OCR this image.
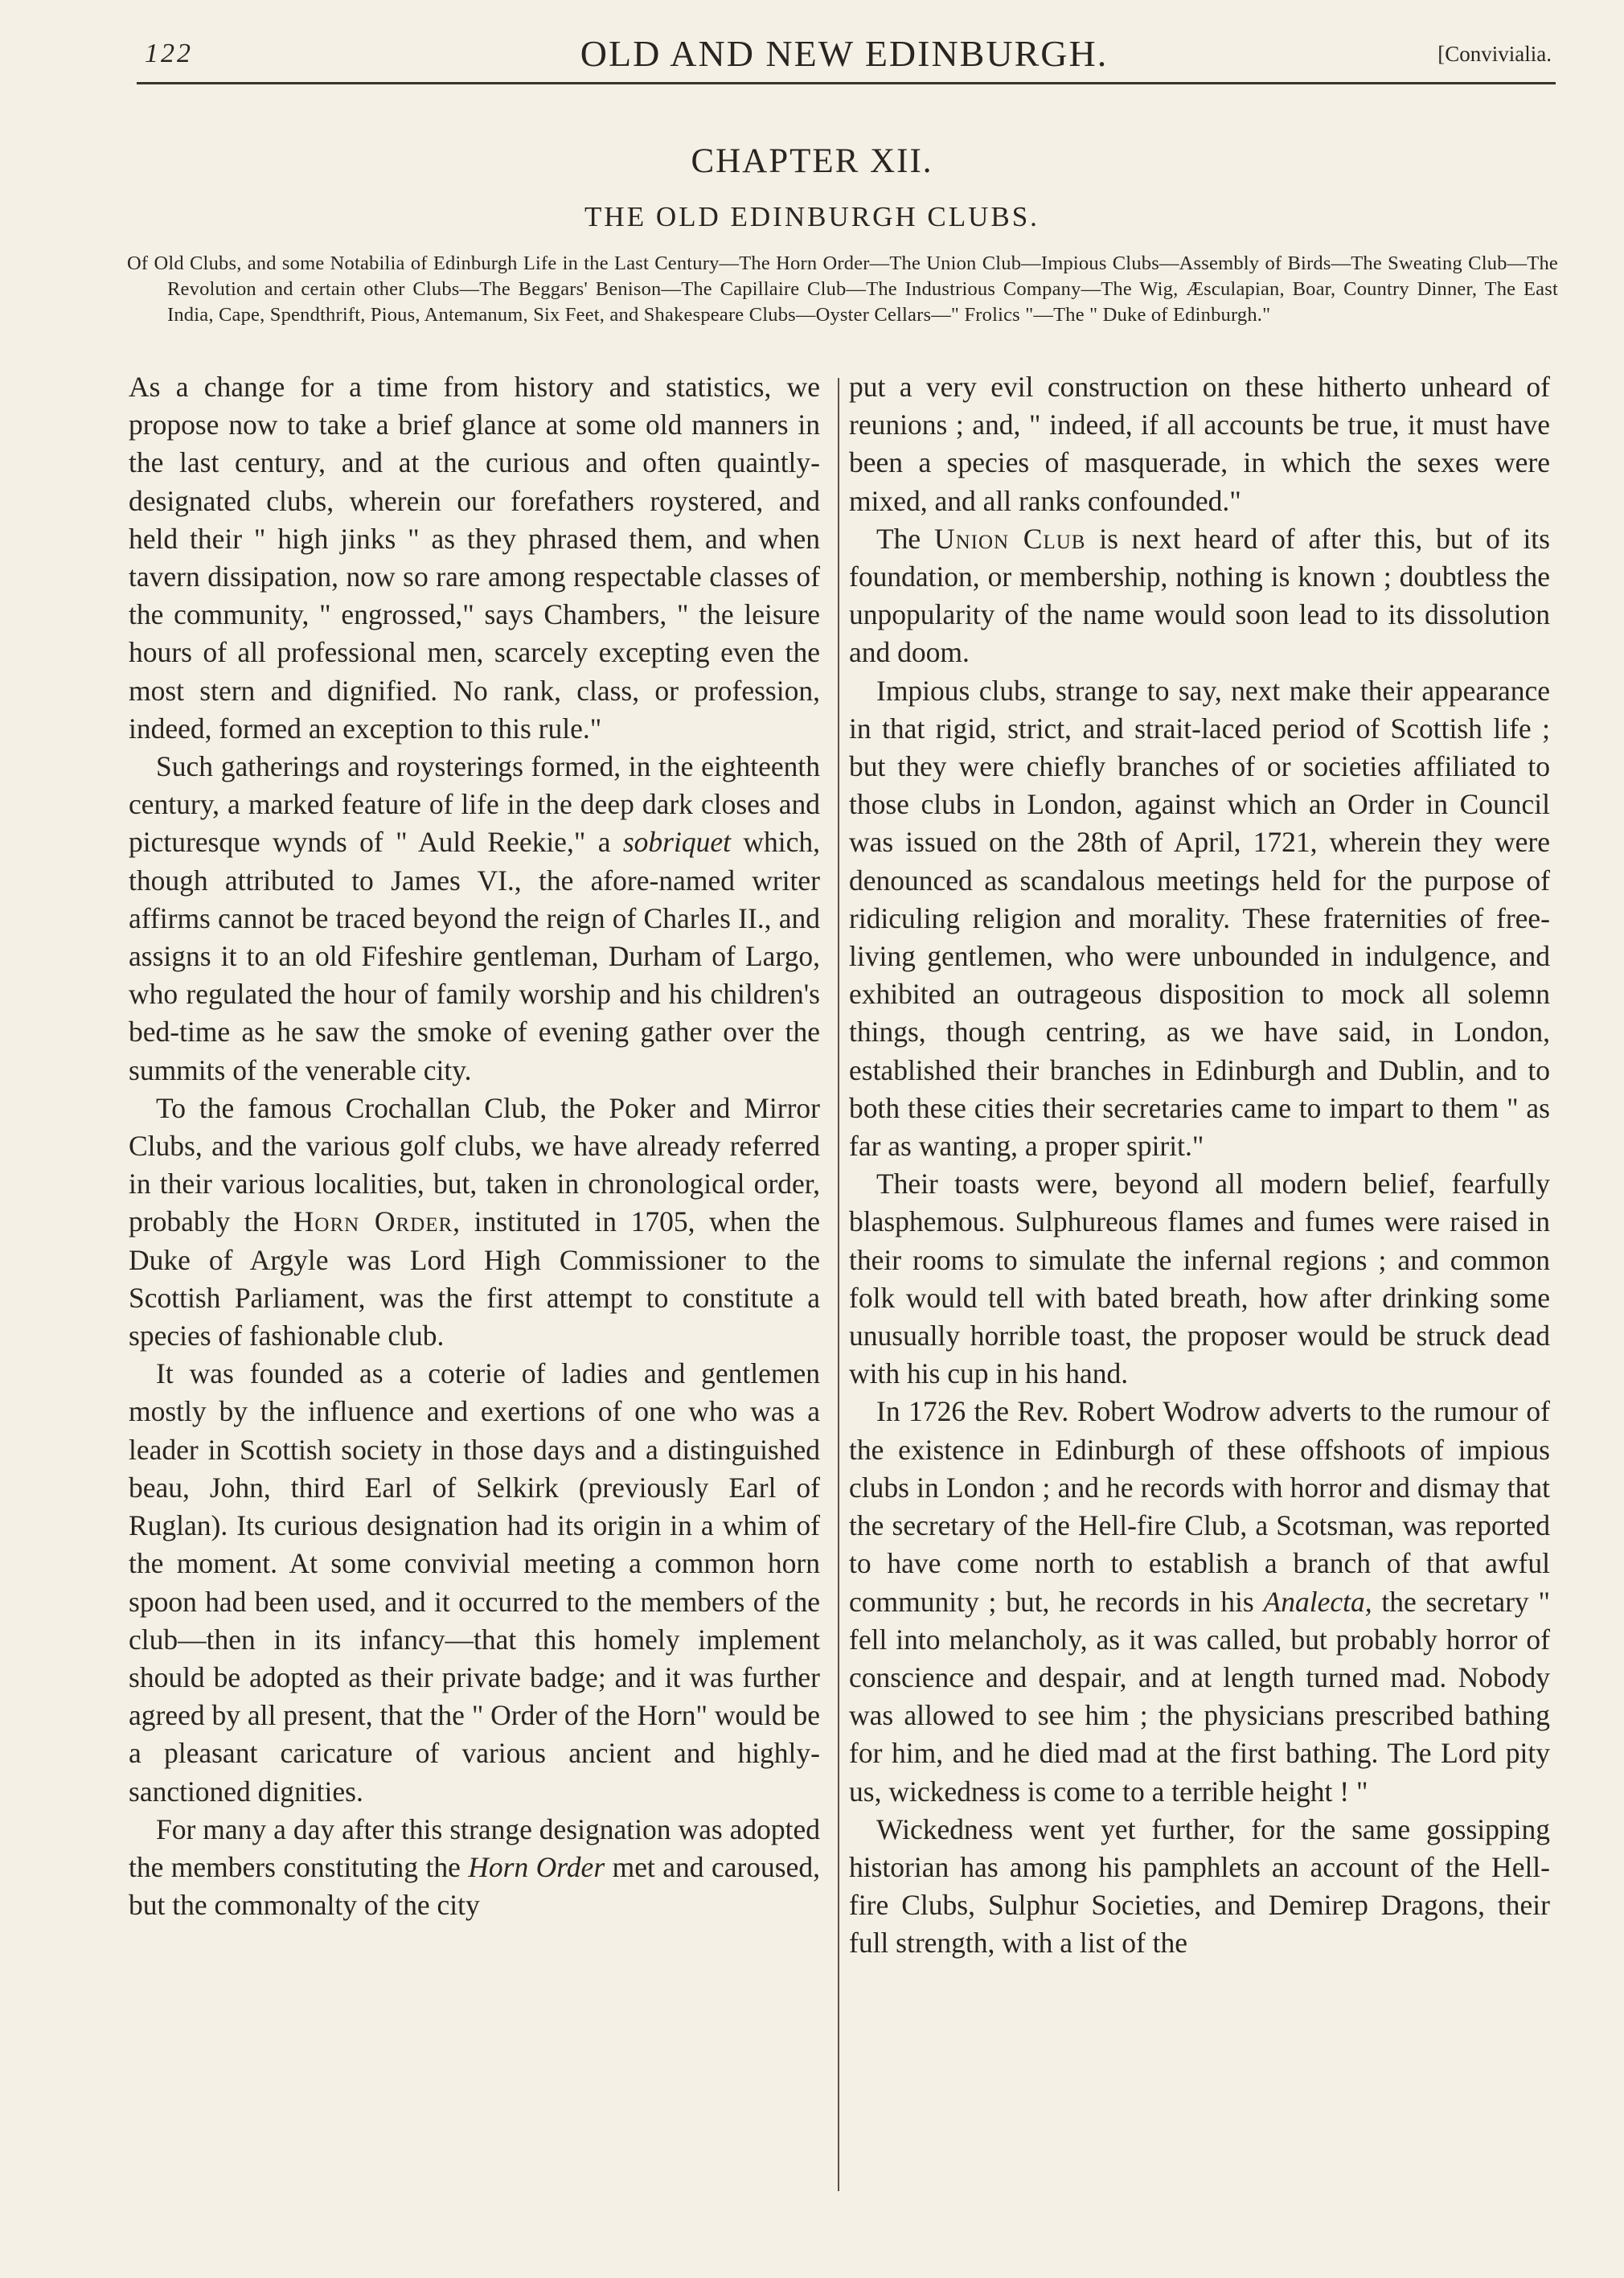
122	OLD AND NEW EDINBURGH.	[Convivialia.
CHAPTER XII.
THE OLD EDINBURGH CLUBS.
Of Old Clubs, and some Notabilia of Edinburgh Life in the Last Century—The Horn Order—The Union Club—Impious Clubs—Assembly of Birds—The Sweating Club—The Revolution and certain other Clubs—The Beggars' Benison—The Capillaire Club—The Industrious Company—The Wig, Æsculapian, Boar, Country Dinner, The East India, Cape, Spendthrift, Pious, Antemanum, Six Feet, and Shakespeare Clubs—Oyster Cellars—" Frolics "—The " Duke of Edinburgh."

As a change for a time from history and statistics, we propose now to take a brief glance at some old manners in the last century, and at the curious and often quaintly-designated clubs, wherein our forefathers roystered, and held their " high jinks " as they phrased them, and when tavern dissipation, now so rare among respectable classes of the community, " engrossed," says Chambers, " the leisure hours of all professional men, scarcely excepting even the most stern and dignified. No rank, class, or profession, indeed, formed an exception to this rule."

Such gatherings and roysterings formed, in the eighteenth century, a marked feature of life in the deep dark closes and picturesque wynds of " Auld Reekie," a sobriquet which, though attributed to James VI., the afore-named writer affirms cannot be traced beyond the reign of Charles II., and assigns it to an old Fifeshire gentleman, Durham of Largo, who regulated the hour of family worship and his children's bed-time as he saw the smoke of evening gather over the summits of the venerable city.

To the famous Crochallan Club, the Poker and Mirror Clubs, and the various golf clubs, we have already referred in their various localities, but, taken in chronological order, probably the Horn Order, instituted in 1705, when the Duke of Argyle was Lord High Commissioner to the Scottish Parliament, was the first attempt to constitute a species of fashionable club.

It was founded as a coterie of ladies and gentlemen mostly by the influence and exertions of one who was a leader in Scottish society in those days and a distinguished beau, John, third Earl of Selkirk (previously Earl of Ruglan). Its curious designation had its origin in a whim of the moment. At some convivial meeting a common horn spoon had been used, and it occurred to the members of the club—then in its infancy—that this homely implement should be adopted as their private badge; and it was further agreed by all present, that the " Order of the Horn" would be a pleasant caricature of various ancient and highly-sanctioned dignities.

For many a day after this strange designation was adopted the members constituting the Horn Order met and caroused, but the commonalty of the city

put a very evil construction on these hitherto unheard of reunions ; and, " indeed, if all accounts be true, it must have been a species of masquerade, in which the sexes were mixed, and all ranks confounded."

The Union Club is next heard of after this, but of its foundation, or membership, nothing is known ; doubtless the unpopularity of the name would soon lead to its dissolution and doom.

Impious clubs, strange to say, next make their appearance in that rigid, strict, and strait-laced period of Scottish life ; but they were chiefly branches of or societies affiliated to those clubs in London, against which an Order in Council was issued on the 28th of April, 1721, wherein they were denounced as scandalous meetings held for the purpose of ridiculing religion and morality. These fraternities of free-living gentlemen, who were unbounded in indulgence, and exhibited an outrageous disposition to mock all solemn things, though centring, as we have said, in London, established their branches in Edinburgh and Dublin, and to both these cities their secretaries came to impart to them " as far as wanting, a proper spirit."

Their toasts were, beyond all modern belief, fearfully blasphemous. Sulphureous flames and fumes were raised in their rooms to simulate the infernal regions ; and common folk would tell with bated breath, how after drinking some unusually horrible toast, the proposer would be struck dead with his cup in his hand.

In 1726 the Rev. Robert Wodrow adverts to the rumour of the existence in Edinburgh of these offshoots of impious clubs in London ; and he records with horror and dismay that the secretary of the Hell-fire Club, a Scotsman, was reported to have come north to establish a branch of that awful community ; but, he records in his Analecta, the secretary " fell into melancholy, as it was called, but probably horror of conscience and despair, and at length turned mad. Nobody was allowed to see him ; the physicians prescribed bathing for him, and he died mad at the first bathing. The Lord pity us, wickedness is come to a terrible height ! "

Wickedness went yet further, for the same gossipping historian has among his pamphlets an account of the Hell-fire Clubs, Sulphur Societies, and Demirep Dragons, their full strength, with a list of the
